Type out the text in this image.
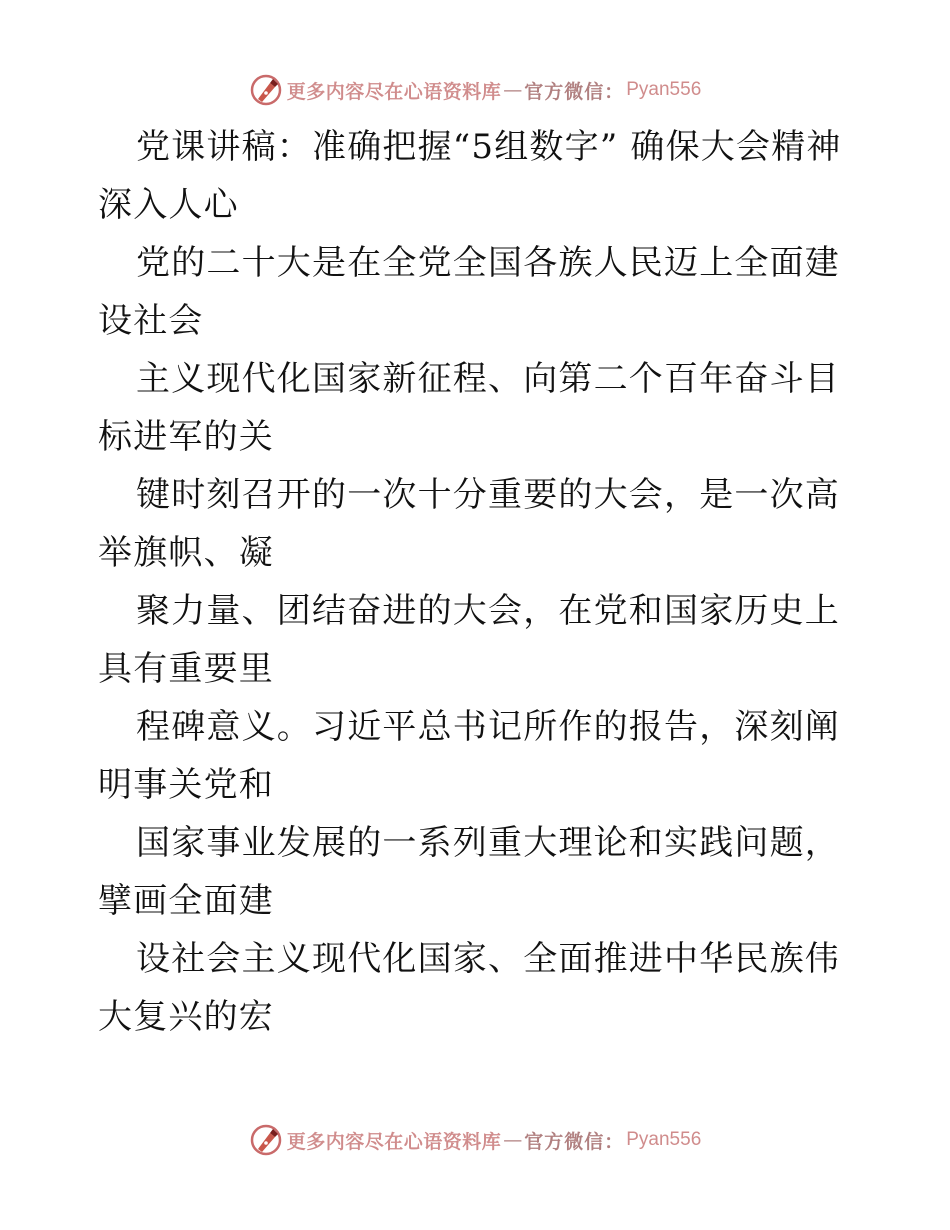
更多内容尽在心语资料库 — 官方微信： Pyan556

党课讲稿：准确把握“5组数字” 确保大会精神深入人心

党的二十大是在全党全国各族人民迈上全面建设社会

主义现代化国家新征程、向第二个百年奋斗目标进军的关

键时刻召开的一次十分重要的大会，是一次高举旗帜、凝

聚力量、团结奋进的大会，在党和国家历史上具有重要里

程碑意义。习近平总书记所作的报告，深刻阐明事关党和

国家事业发展的一系列重大理论和实践问题，擘画全面建

设社会主义现代化国家、全面推进中华民族伟大复兴的宏

更多内容尽在心语资料库 — 官方微信： Pyan556
